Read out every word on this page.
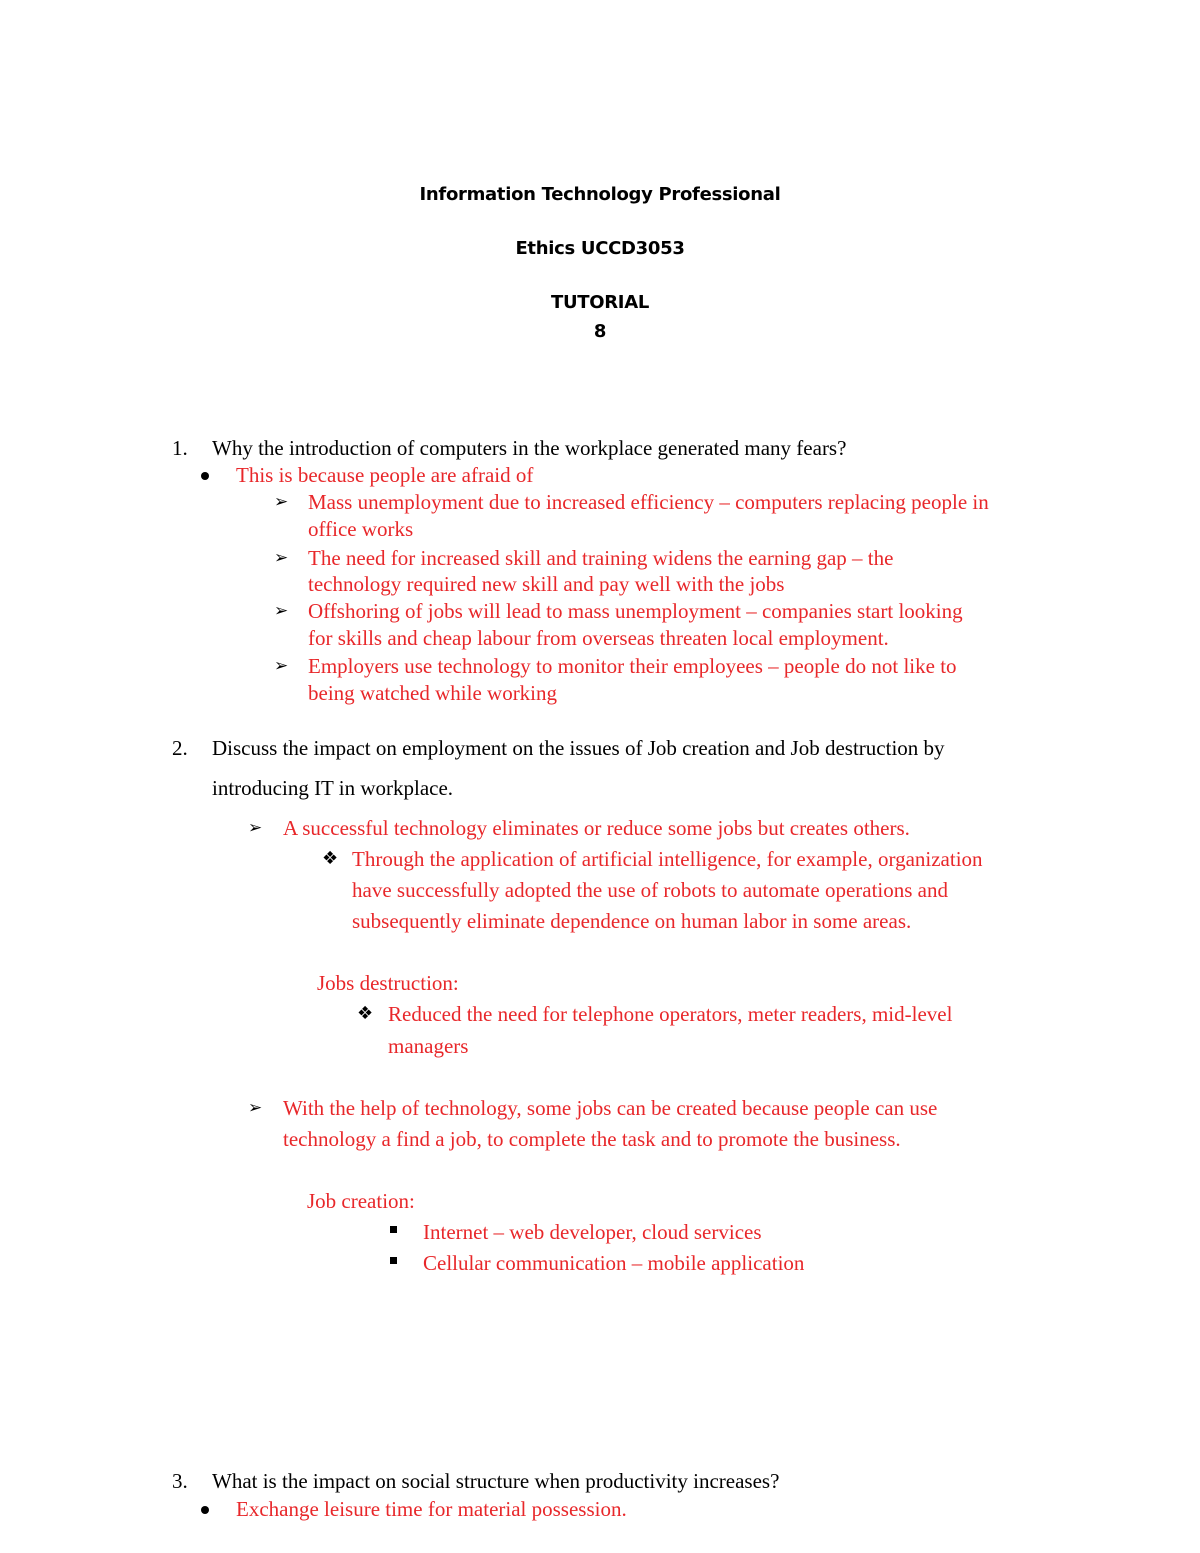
Information Technology Professional
Ethics UCCD3053
TUTORIAL
8
1. Why the introduction of computers in the workplace generated many fears?
This is because people are afraid of
➢ Mass unemployment due to increased efficiency – computers replacing people in
office works
➢ The need for increased skill and training widens the earning gap – the
technology required new skill and pay well with the jobs
➢ Offshoring of jobs will lead to mass unemployment – companies start looking
for skills and cheap labour from overseas threaten local employment.
➢ Employers use technology to monitor their employees – people do not like to
being watched while working
2. Discuss the impact on employment on the issues of Job creation and Job destruction by
introducing IT in workplace.
➢ A successful technology eliminates or reduce some jobs but creates others.
❖ Through the application of artificial intelligence, for example, organization
have successfully adopted the use of robots to automate operations and
subsequently eliminate dependence on human labor in some areas.
Jobs destruction:
❖ Reduced the need for telephone operators, meter readers, mid-level
managers
➢ With the help of technology, some jobs can be created because people can use
technology a find a job, to complete the task and to promote the business.
Job creation:
Internet – web developer, cloud services
Cellular communication – mobile application
3. What is the impact on social structure when productivity increases?
Exchange leisure time for material possession.
